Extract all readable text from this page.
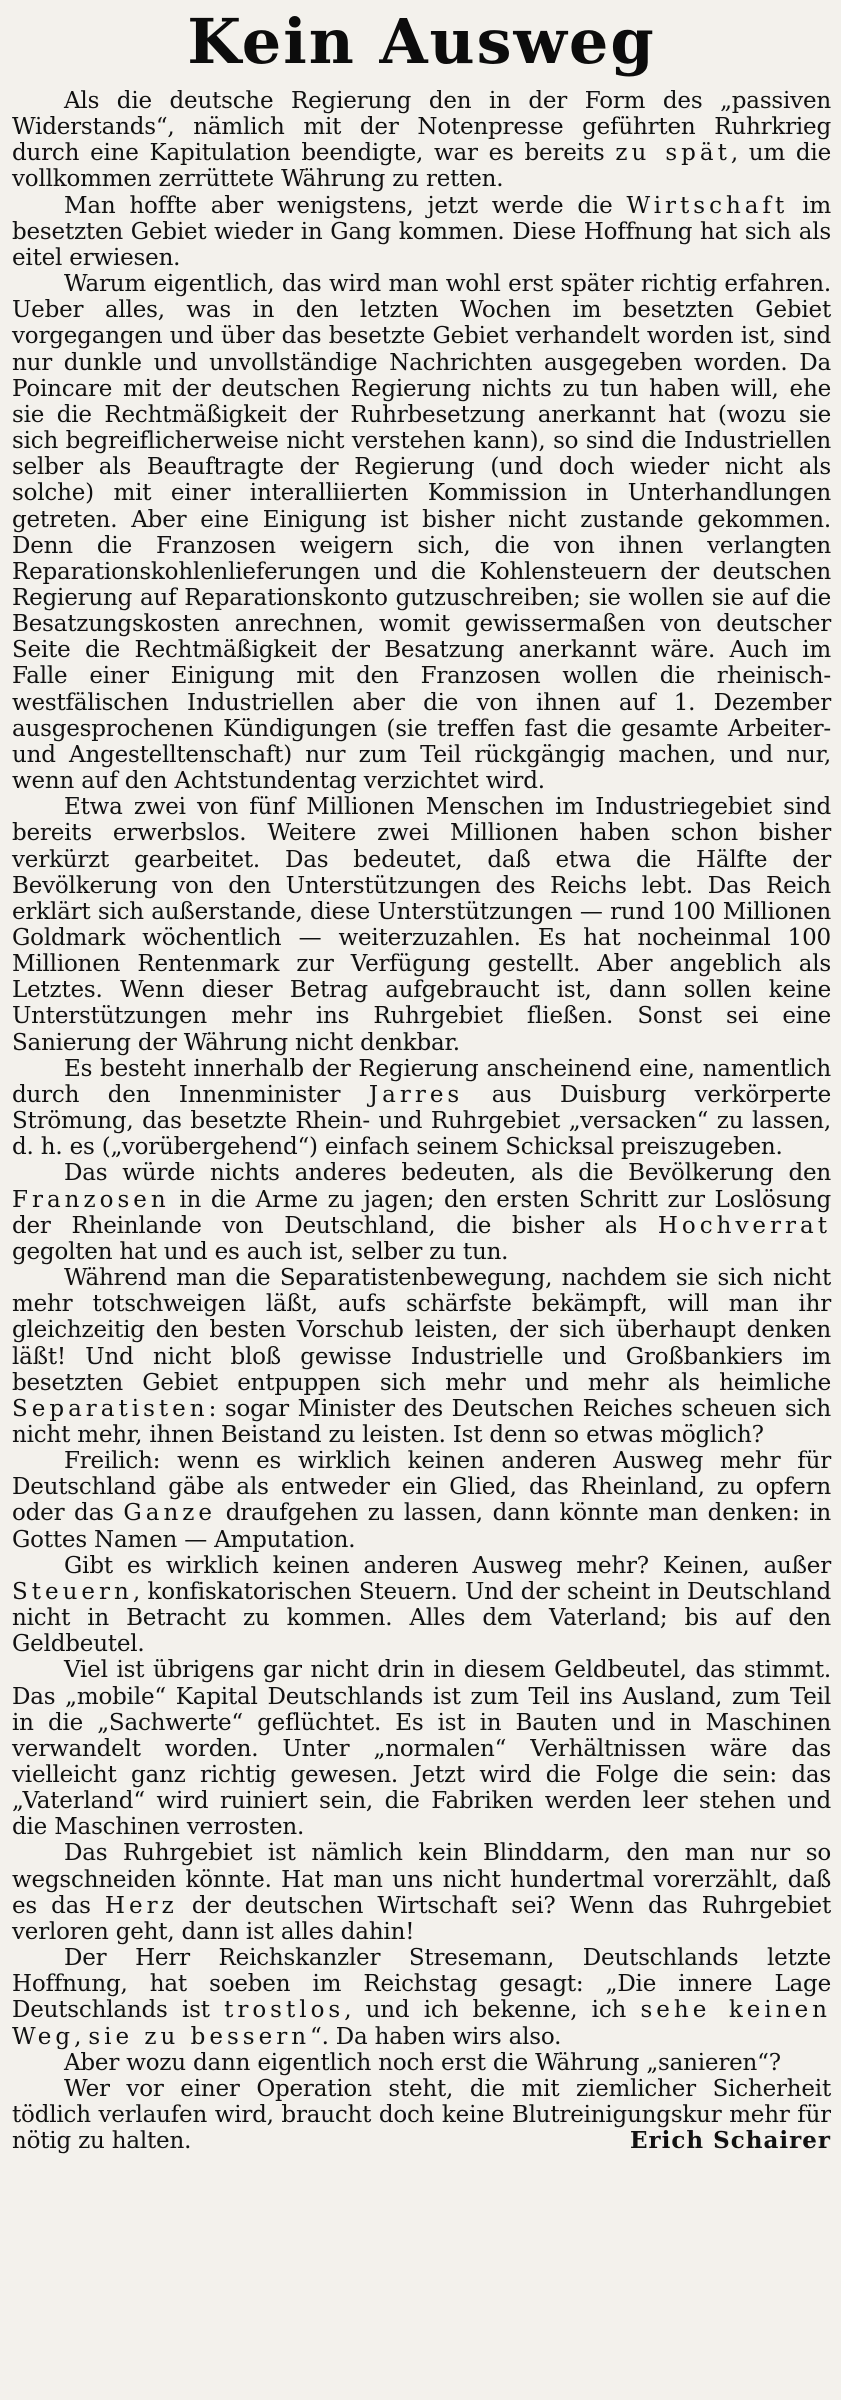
Kein Ausweg

Als die deutsche Regierung den in der Form des „passiven Widerstands“, nämlich mit der Notenpresse geführten Ruhrkrieg durch eine Kapitulation beendigte, war es bereits zu spät, um die vollkommen zerrüttete Währung zu retten.

Man hoffte aber wenigstens, jetzt werde die Wirtschaft im besetzten Gebiet wieder in Gang kommen. Diese Hoffnung hat sich als eitel erwiesen.

Warum eigentlich, das wird man wohl erst später richtig erfahren. Ueber alles, was in den letzten Wochen im besetzten Gebiet vorgegangen und über das besetzte Gebiet verhandelt worden ist, sind nur dunkle und unvollständige Nachrichten ausgegeben worden. Da Poincare mit der deutschen Regierung nichts zu tun haben will, ehe sie die Rechtmäßigkeit der Ruhrbesetzung anerkannt hat (wozu sie sich begreiflicherweise nicht verstehen kann), so sind die Industriellen selber als Beauftragte der Regierung (und doch wieder nicht als solche) mit einer interalliierten Kommission in Unterhandlungen getreten. Aber eine Einigung ist bisher nicht zustande gekommen. Denn die Franzosen weigern sich, die von ihnen verlangten Reparationskohlenlieferungen und die Kohlensteuern der deutschen Regierung auf Reparationskonto gutzuschreiben; sie wollen sie auf die Besatzungskosten anrechnen, womit gewissermaßen von deutscher Seite die Rechtmäßigkeit der Besatzung anerkannt wäre. Auch im Falle einer Einigung mit den Franzosen wollen die rheinisch-westfälischen Industriellen aber die von ihnen auf 1. Dezember ausgesprochenen Kündigungen (sie treffen fast die gesamte Arbeiter- und Angestelltenschaft) nur zum Teil rückgängig machen, und nur, wenn auf den Achtstundentag verzichtet wird.

Etwa zwei von fünf Millionen Menschen im Industriegebiet sind bereits erwerbslos. Weitere zwei Millionen haben schon bisher verkürzt gearbeitet. Das bedeutet, daß etwa die Hälfte der Bevölkerung von den Unterstützungen des Reichs lebt. Das Reich erklärt sich außerstande, diese Unterstützungen — rund 100 Millionen Goldmark wöchentlich — weiterzuzahlen. Es hat nocheinmal 100 Millionen Rentenmark zur Verfügung gestellt. Aber angeblich als Letztes. Wenn dieser Betrag aufgebraucht ist, dann sollen keine Unterstützungen mehr ins Ruhrgebiet fließen. Sonst sei eine Sanierung der Währung nicht denkbar.

Es besteht innerhalb der Regierung anscheinend eine, namentlich durch den Innenminister Jarres aus Duisburg verkörperte Strömung, das besetzte Rhein- und Ruhrgebiet „versacken“ zu lassen, d. h. es („vorübergehend“) einfach seinem Schicksal preiszugeben.

Das würde nichts anderes bedeuten, als die Bevölkerung den Franzosen in die Arme zu jagen; den ersten Schritt zur Loslösung der Rheinlande von Deutschland, die bisher als Hochverrat gegolten hat und es auch ist, selber zu tun.

Während man die Separatistenbewegung, nachdem sie sich nicht mehr totschweigen läßt, aufs schärfste bekämpft, will man ihr gleichzeitig den besten Vorschub leisten, der sich überhaupt denken läßt! Und nicht bloß gewisse Industrielle und Großbankiers im besetzten Gebiet entpuppen sich mehr und mehr als heimliche Separatisten: sogar Minister des Deutschen Reiches scheuen sich nicht mehr, ihnen Beistand zu leisten. Ist denn so etwas möglich?

Freilich: wenn es wirklich keinen anderen Ausweg mehr für Deutschland gäbe als entweder ein Glied, das Rheinland, zu opfern oder das Ganze draufgehen zu lassen, dann könnte man denken: in Gottes Namen — Amputation.

Gibt es wirklich keinen anderen Ausweg mehr? Keinen, außer Steuern, konfiskatorischen Steuern. Und der scheint in Deutschland nicht in Betracht zu kommen. Alles dem Vaterland; bis auf den Geldbeutel.

Viel ist übrigens gar nicht drin in diesem Geldbeutel, das stimmt. Das „mobile“ Kapital Deutschlands ist zum Teil ins Ausland, zum Teil in die „Sachwerte“ geflüchtet. Es ist in Bauten und in Maschinen verwandelt worden. Unter „normalen“ Verhältnissen wäre das vielleicht ganz richtig gewesen. Jetzt wird die Folge die sein: das „Vaterland“ wird ruiniert sein, die Fabriken werden leer stehen und die Maschinen verrosten.

Das Ruhrgebiet ist nämlich kein Blinddarm, den man nur so wegschneiden könnte. Hat man uns nicht hundertmal vorerzählt, daß es das Herz der deutschen Wirtschaft sei? Wenn das Ruhrgebiet verloren geht, dann ist alles dahin!

Der Herr Reichskanzler Stresemann, Deutschlands letzte Hoffnung, hat soeben im Reichstag gesagt: „Die innere Lage Deutschlands ist trostlos, und ich bekenne, ich sehe keinen Weg, sie zu bessern“. Da haben wirs also.

Aber wozu dann eigentlich noch erst die Währung „sanieren“?

Wer vor einer Operation steht, die mit ziemlicher Sicherheit tödlich verlaufen wird, braucht doch keine Blutreinigungskur mehr für nötig zu halten.	Erich Schairer
